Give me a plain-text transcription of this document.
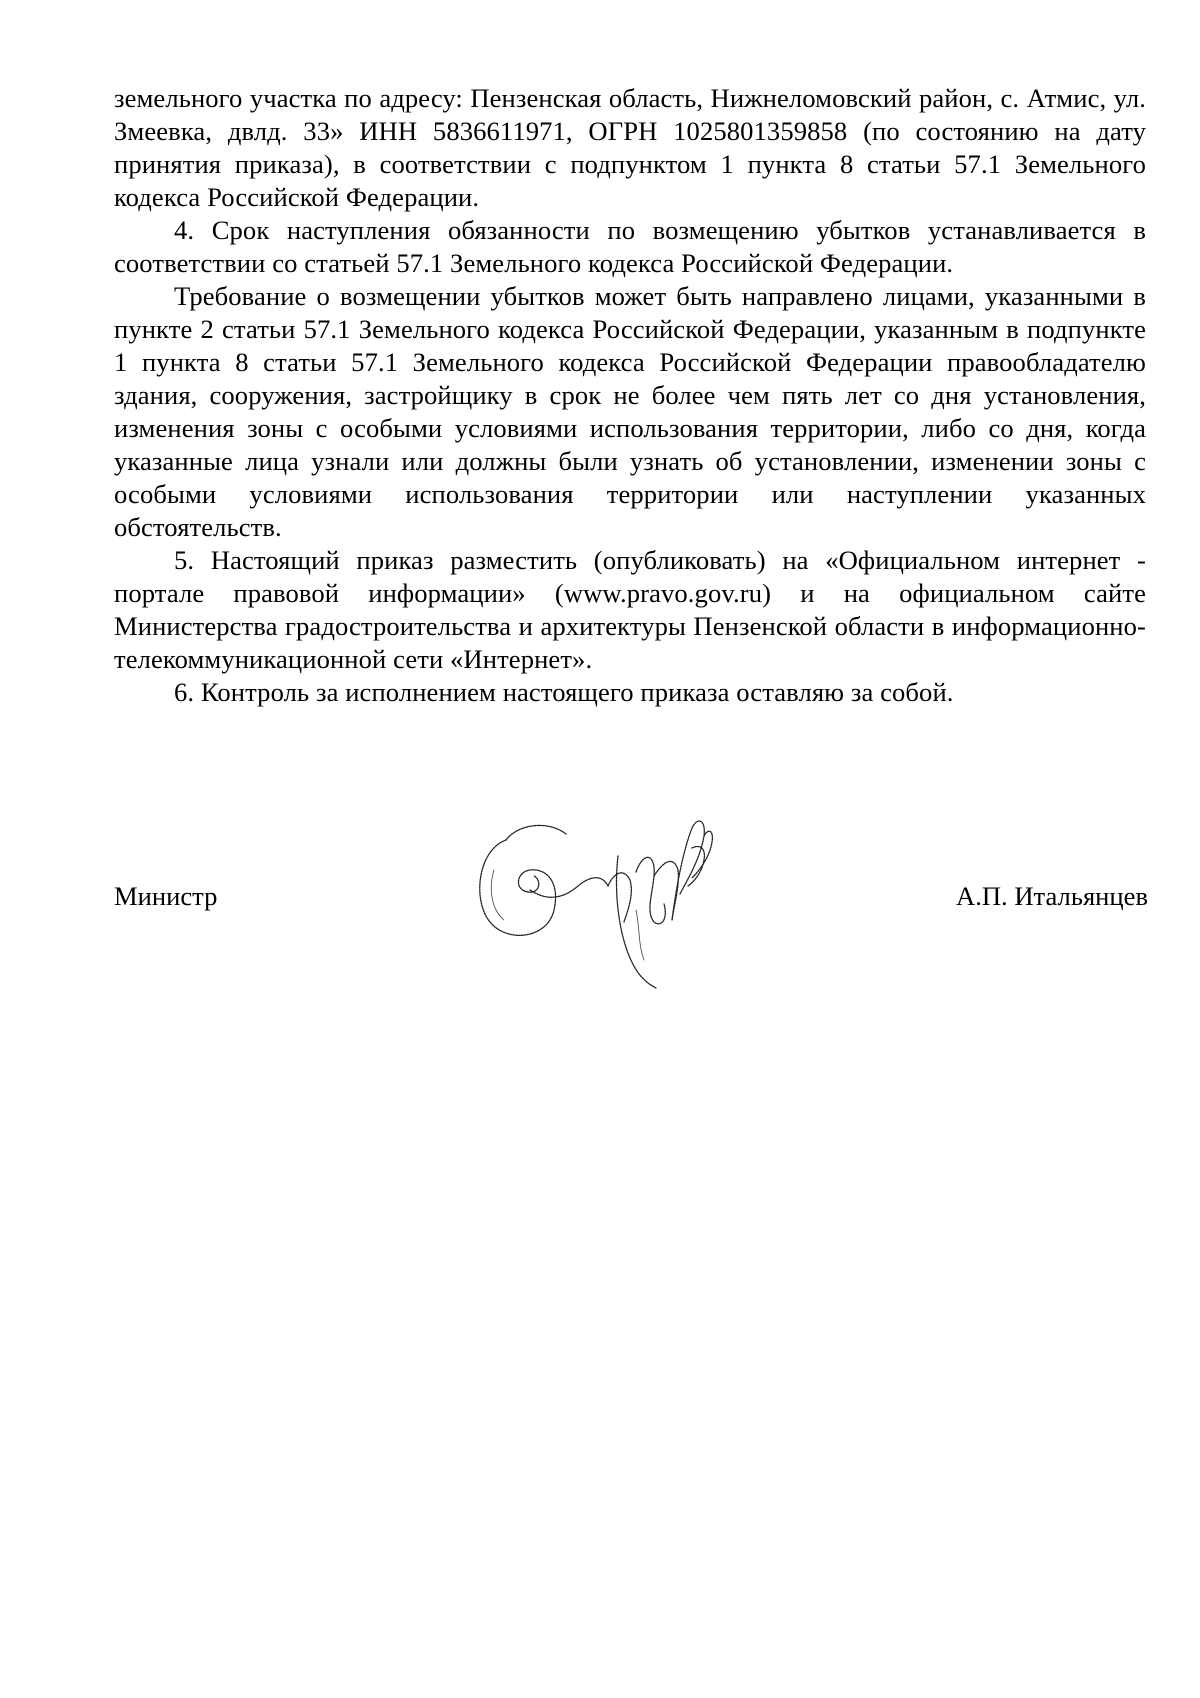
земельного участка по адресу: Пензенская область, Нижнеломовский район, с. Атмис, ул. Змеевка, двлд. 33» ИНН 5836611971, ОГРН 1025801359858 (по состоянию на дату принятия приказа), в соответствии с подпунктом 1 пункта 8 статьи 57.1 Земельного кодекса Российской Федерации.

4. Срок наступления обязанности по возмещению убытков устанавливается в соответствии со статьей 57.1 Земельного кодекса Российской Федерации.

Требование о возмещении убытков может быть направлено лицами, указанными в пункте 2 статьи 57.1 Земельного кодекса Российской Федерации, указанным в подпункте 1 пункта 8 статьи 57.1 Земельного кодекса Российской Федерации правообладателю здания, сооружения, застройщику в срок не более чем пять лет со дня установления, изменения зоны с особыми условиями использования территории, либо со дня, когда указанные лица узнали или должны были узнать об установлении, изменении зоны с особыми условиями использования территории или наступлении указанных обстоятельств.

5. Настоящий приказ разместить (опубликовать) на «Официальном интернет - портале правовой информации» (www.pravo.gov.ru) и на официальном сайте Министерства градостроительства и архитектуры Пензенской области в информационно-телекоммуникационной сети «Интернет».

6. Контроль за исполнением настоящего приказа оставляю за собой.

Министр	А.П. Итальянцев
